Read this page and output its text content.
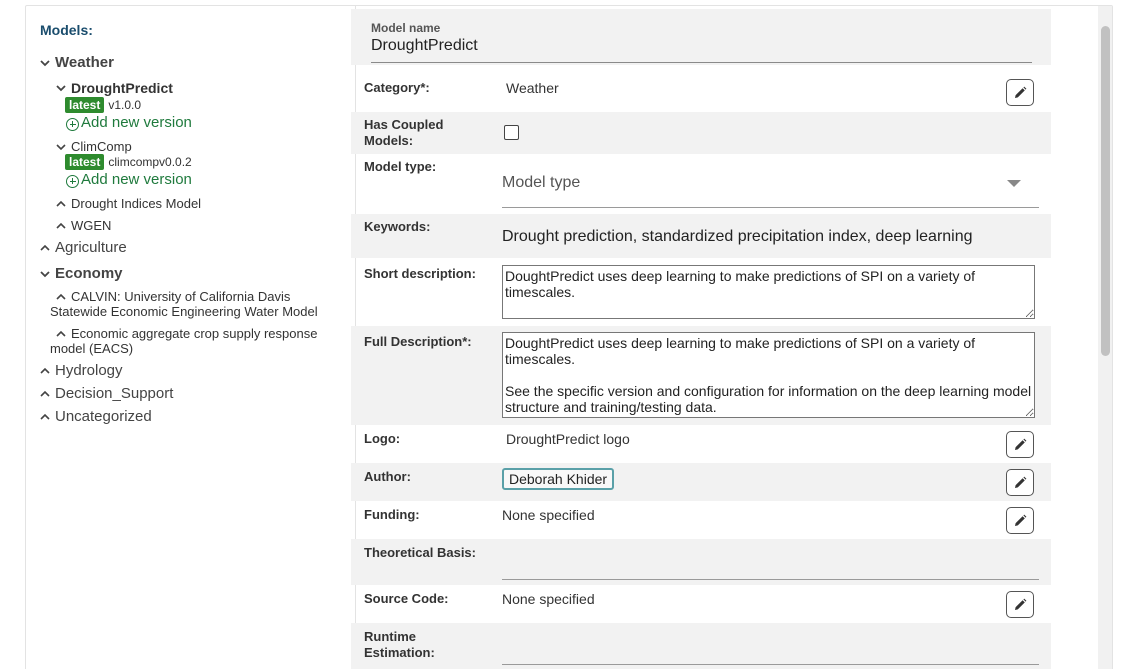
Models:
Weather
DroughtPredict
latest v1.0.0
Add new version
ClimComp
latest climcompv0.0.2
Add new version
Drought Indices Model
WGEN
Agriculture
Economy
CALVIN: University of California Davis
Statewide Economic Engineering Water Model
Economic aggregate crop supply response
model (EACS)
Hydrology
Decision_Support
Uncategorized
Model name
DroughtPredict
Category*:	Weather
Has Coupled
Models:
Model type:
Model type
Keywords:
Drought prediction, standardized precipitation index, deep learning
Short description:
DoughtPredict uses deep learning to make predictions of SPI on a variety of timescales.
Full Description*:
DoughtPredict uses deep learning to make predictions of SPI on a variety of timescales. See the specific version and configuration for information on the deep learning model structure and training/testing data.
Logo:	DroughtPredict logo
Author:	Deborah Khider
Funding:	None specified
Theoretical Basis:
Source Code:	None specified
Runtime
Estimation:
